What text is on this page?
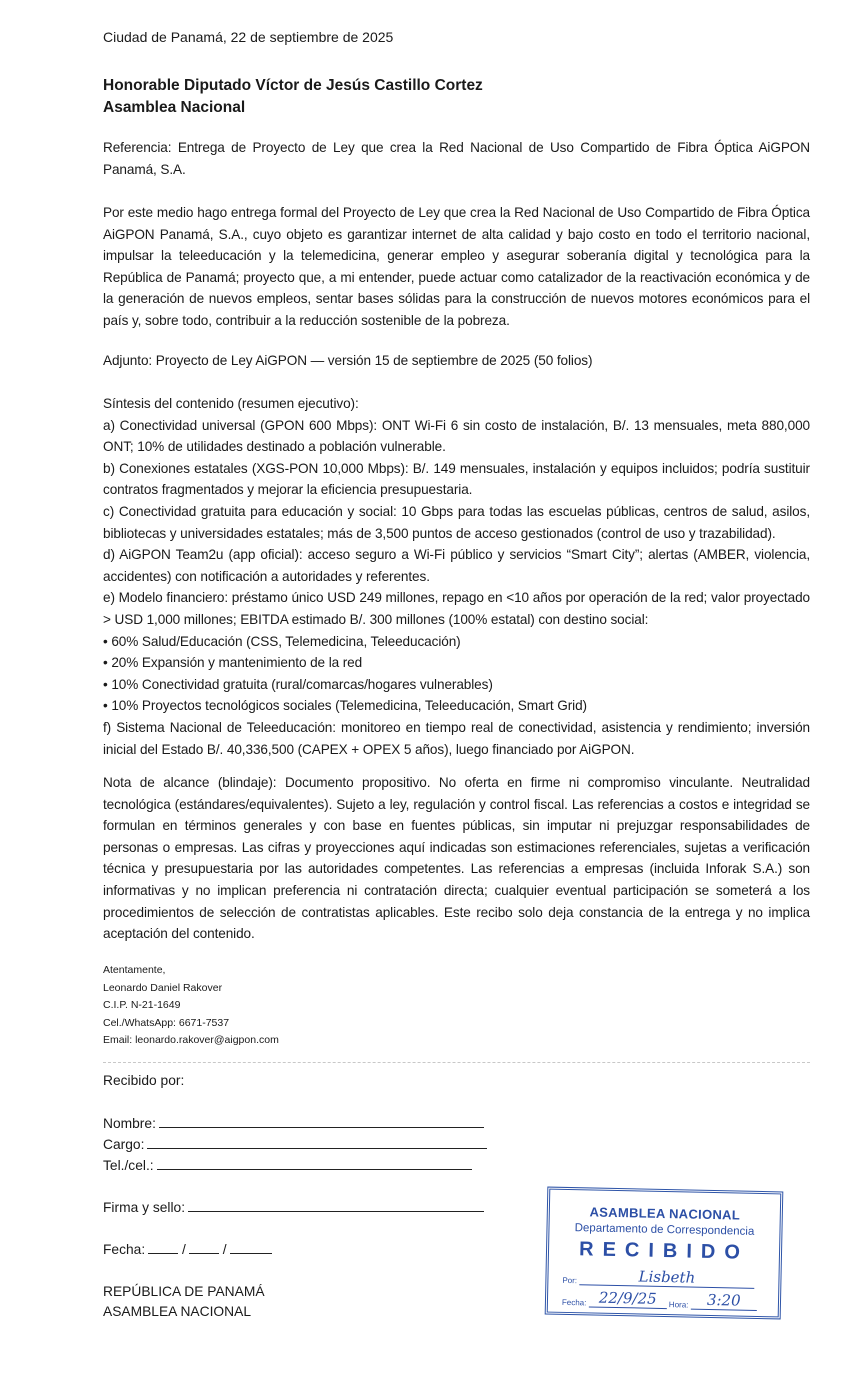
Ciudad de Panamá, 22 de septiembre de 2025
Honorable Diputado Víctor de Jesús Castillo Cortez
Asamblea Nacional
Referencia: Entrega de Proyecto de Ley que crea la Red Nacional de Uso Compartido de Fibra Óptica AiGPON Panamá, S.A.
Por este medio hago entrega formal del Proyecto de Ley que crea la Red Nacional de Uso Compartido de Fibra Óptica AiGPON Panamá, S.A., cuyo objeto es garantizar internet de alta calidad y bajo costo en todo el territorio nacional, impulsar la teleeducación y la telemedicina, generar empleo y asegurar soberanía digital y tecnológica para la República de Panamá; proyecto que, a mi entender, puede actuar como catalizador de la reactivación económica y de la generación de nuevos empleos, sentar bases sólidas para la construcción de nuevos motores económicos para el país y, sobre todo, contribuir a la reducción sostenible de la pobreza.
Adjunto: Proyecto de Ley AiGPON — versión 15 de septiembre de 2025 (50 folios)
Síntesis del contenido (resumen ejecutivo):
a) Conectividad universal (GPON 600 Mbps): ONT Wi-Fi 6 sin costo de instalación, B/. 13 mensuales, meta 880,000 ONT; 10% de utilidades destinado a población vulnerable.
b) Conexiones estatales (XGS-PON 10,000 Mbps): B/. 149 mensuales, instalación y equipos incluidos; podría sustituir contratos fragmentados y mejorar la eficiencia presupuestaria.
c) Conectividad gratuita para educación y social: 10 Gbps para todas las escuelas públicas, centros de salud, asilos, bibliotecas y universidades estatales; más de 3,500 puntos de acceso gestionados (control de uso y trazabilidad).
d) AiGPON Team2u (app oficial): acceso seguro a Wi-Fi público y servicios “Smart City”; alertas (AMBER, violencia, accidentes) con notificación a autoridades y referentes.
e) Modelo financiero: préstamo único USD 249 millones, repago en <10 años por operación de la red; valor proyectado > USD 1,000 millones; EBITDA estimado B/. 300 millones (100% estatal) con destino social:
• 60% Salud/Educación (CSS, Telemedicina, Teleeducación)
• 20% Expansión y mantenimiento de la red
• 10% Conectividad gratuita (rural/comarcas/hogares vulnerables)
• 10% Proyectos tecnológicos sociales (Telemedicina, Teleeducación, Smart Grid)
f) Sistema Nacional de Teleeducación: monitoreo en tiempo real de conectividad, asistencia y rendimiento; inversión inicial del Estado B/. 40,336,500 (CAPEX + OPEX 5 años), luego financiado por AiGPON.
Nota de alcance (blindaje): Documento propositivo. No oferta en firme ni compromiso vinculante. Neutralidad tecnológica (estándares/equivalentes). Sujeto a ley, regulación y control fiscal. Las referencias a costos e integridad se formulan en términos generales y con base en fuentes públicas, sin imputar ni prejuzgar responsabilidades de personas o empresas. Las cifras y proyecciones aquí indicadas son estimaciones referenciales, sujetas a verificación técnica y presupuestaria por las autoridades competentes. Las referencias a empresas (incluida Inforak S.A.) son informativas y no implican preferencia ni contratación directa; cualquier eventual participación se someterá a los procedimientos de selección de contratistas aplicables. Este recibo solo deja constancia de la entrega y no implica aceptación del contenido.
Atentamente,
Leonardo Daniel Rakover
C.I.P. N-21-1649
Cel./WhatsApp: 6671-7537
Email: leonardo.rakover@aigpon.com
Recibido por:
Nombre:
Cargo:
Tel./cel.:
Firma y sello:
Fecha:	/	/
REPÚBLICA DE PANAMÁ
ASAMBLEA NACIONAL
ASAMBLEA NACIONAL
Departamento de Correspondencia
RECIBIDO
Por:	Lisbeth
Fecha: 22/9/25 Hora: 3:20
